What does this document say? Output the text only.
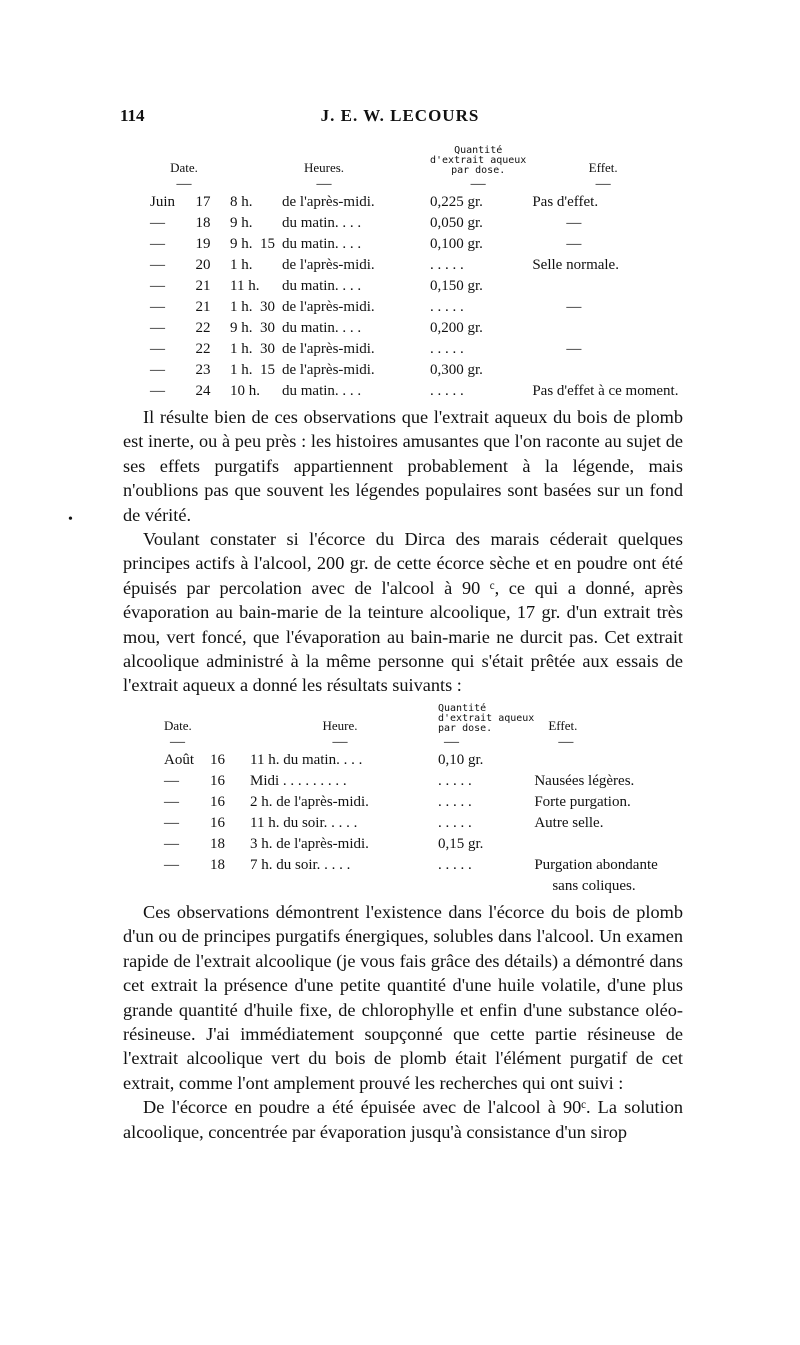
114	J. E. W. LECOURS
Date.		Heures.			Quantité
d'extrait aqueux
par dose.	Effet.
—		—			—	—
Juin	17	8 h.		de l'après-midi.	0,225 gr.	Pas d'effet.
—	18	9 h.		du matin. . . .	0,050 gr.	—
—	19	9 h.	15	du matin. . . .	0,100 gr.	—
—	20	1 h.		de l'après-midi.	. . . . .	Selle normale.
—	21	11 h.		du matin. . . .	0,150 gr.	
—	21	1 h.	30	de l'après-midi.	. . . . .	—
—	22	9 h.	30	du matin. . . .	0,200 gr.	
—	22	1 h.	30	de l'après-midi.	. . . . .	—
—	23	1 h.	15	de l'après-midi.	0,300 gr.	
—	24	10 h.		du matin. . . .	. . . . .	Pas d'effet à ce moment.

Il résulte bien de ces observations que l'extrait aqueux du bois de plomb est inerte, ou à peu près : les histoires amusantes que l'on raconte au sujet de ses effets purgatifs appartiennent probablement à la légende, mais n'oublions pas que souvent les légendes populaires sont basées sur un fond de vérité.

Voulant constater si l'écorce du Dirca des marais céderait quelques principes actifs à l'alcool, 200 gr. de cette écorce sèche et en poudre ont été épuisés par percolation avec de l'alcool à 90 ᶜ, ce qui a donné, après évaporation au bain-marie de la teinture alcoolique, 17 gr. d'un extrait très mou, vert foncé, que l'évaporation au bain-marie ne durcit pas. Cet extrait alcoolique administré à la même personne qui s'était prêtée aux essais de l'extrait aqueux a donné les résultats suivants :

•
Date.		Heure.	Quantité
d'extrait aqueux
par dose.	Effet.
—		—	—	—
Août	16	11 h. du matin. . . .	0,10 gr.	
—	16	Midi . . . . . . . . .	. . . . .	Nausées légères.
—	16	2 h. de l'après-midi.	. . . . .	Forte purgation.
—	16	11 h. du soir. . . . .	. . . . .	Autre selle.
—	18	3 h. de l'après-midi.	0,15 gr.	
—	18	7 h. du soir. . . . .	. . . . .	Purgation abondante
				sans coliques.

Ces observations démontrent l'existence dans l'écorce du bois de plomb d'un ou de principes purgatifs énergiques, solubles dans l'alcool. Un examen rapide de l'extrait alcoolique (je vous fais grâce des détails) a démontré dans cet extrait la présence d'une petite quantité d'une huile volatile, d'une plus grande quantité d'huile fixe, de chlorophylle et enfin d'une substance oléo-résineuse. J'ai immédiatement soupçonné que cette partie résineuse de l'extrait alcoolique vert du bois de plomb était l'élément purgatif de cet extrait, comme l'ont amplement prouvé les recherches qui ont suivi :

De l'écorce en poudre a été épuisée avec de l'alcool à 90ᶜ. La solution alcoolique, concentrée par évaporation jusqu'à consistance d'un sirop
